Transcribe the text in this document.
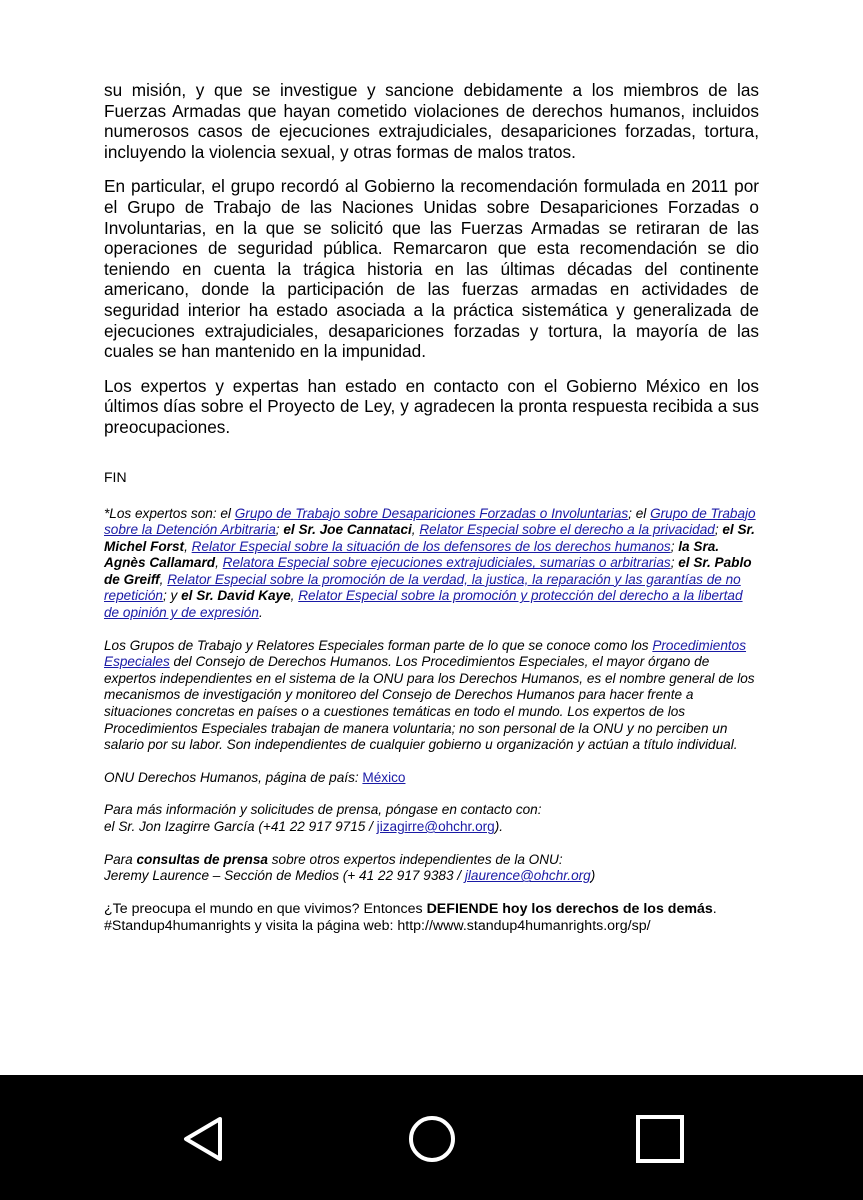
su misión, y que se investigue y sancione debidamente a los miembros de las Fuerzas Armadas que hayan cometido violaciones de derechos humanos, incluidos numerosos casos de ejecuciones extrajudiciales, desapariciones forzadas, tortura, incluyendo la violencia sexual, y otras formas de malos tratos.

En particular, el grupo recordó al Gobierno la recomendación formulada en 2011 por el Grupo de Trabajo de las Naciones Unidas sobre Desapariciones Forzadas o Involuntarias, en la que se solicitó que las Fuerzas Armadas se retiraran de las operaciones de seguridad pública. Remarcaron que esta recomendación se dio teniendo en cuenta la trágica historia en las últimas décadas del continente americano, donde la participación de las fuerzas armadas en actividades de seguridad interior ha estado asociada a la práctica sistemática y generalizada de ejecuciones extrajudiciales, desapariciones forzadas y tortura, la mayoría de las cuales se han mantenido en la impunidad.

Los expertos y expertas han estado en contacto con el Gobierno México en los últimos días sobre el Proyecto de Ley, y agradecen la pronta respuesta recibida a sus preocupaciones.

FIN

*Los expertos son: el Grupo de Trabajo sobre Desapariciones Forzadas o Involuntarias; el Grupo de Trabajo sobre la Detención Arbitraria; el Sr. Joe Cannataci, Relator Especial sobre el derecho a la privacidad; el Sr. Michel Forst, Relator Especial sobre la situación de los defensores de los derechos humanos; la Sra. Agnès Callamard, Relatora Especial sobre ejecuciones extrajudiciales, sumarias o arbitrarias; el Sr. Pablo de Greiff, Relator Especial sobre la promoción de la verdad, la justica, la reparación y las garantías de no repetición; y el Sr. David Kaye, Relator Especial sobre la promoción y protección del derecho a la libertad de opinión y de expresión.

Los Grupos de Trabajo y Relatores Especiales forman parte de lo que se conoce como los Procedimientos Especiales del Consejo de Derechos Humanos. Los Procedimientos Especiales, el mayor órgano de expertos independientes en el sistema de la ONU para los Derechos Humanos, es el nombre general de los mecanismos de investigación y monitoreo del Consejo de Derechos Humanos para hacer frente a situaciones concretas en países o a cuestiones temáticas en todo el mundo. Los expertos de los Procedimientos Especiales trabajan de manera voluntaria; no son personal de la ONU y no perciben un salario por su labor. Son independientes de cualquier gobierno u organización y actúan a título individual.

ONU Derechos Humanos, página de país: México

Para más información y solicitudes de prensa, póngase en contacto con:
el Sr. Jon Izagirre García (+41 22 917 9715 / jizagirre@ohchr.org).

Para consultas de prensa sobre otros expertos independientes de la ONU:
Jeremy Laurence – Sección de Medios (+ 41 22 917 9383 / jlaurence@ohchr.org)

¿Te preocupa el mundo en que vivimos? Entonces DEFIENDE hoy los derechos de los demás.
#Standup4humanrights y visita la página web: http://www.standup4humanrights.org/sp/
